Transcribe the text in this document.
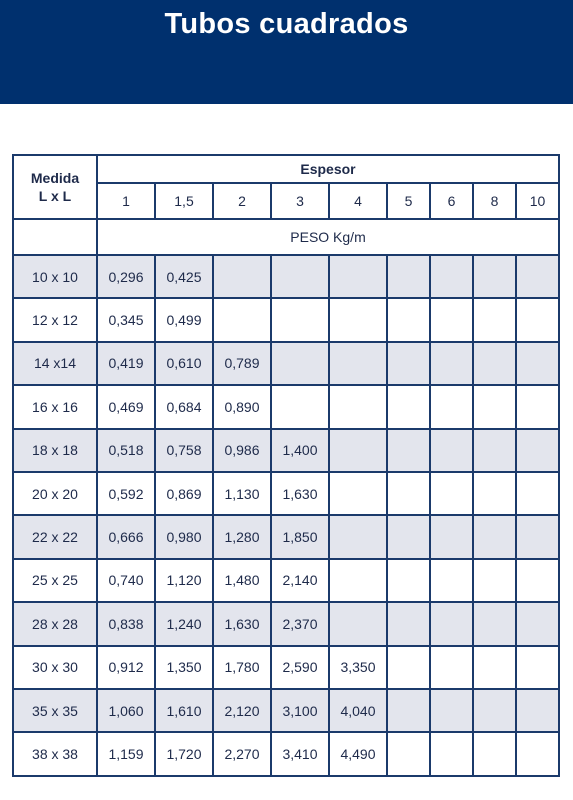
Tubos cuadrados
Medida
L x L	Espesor								
	1	1,5	2	3	4	5	6	8	10
	PESO Kg/m								
10 x 10	0,296	0,425							
12 x 12	0,345	0,499							
14 x14	0,419	0,610	0,789						
16 x 16	0,469	0,684	0,890						
18 x 18	0,518	0,758	0,986	1,400					
20 x 20	0,592	0,869	1,130	1,630					
22 x 22	0,666	0,980	1,280	1,850					
25 x 25	0,740	1,120	1,480	2,140					
28 x 28	0,838	1,240	1,630	2,370					
30 x 30	0,912	1,350	1,780	2,590	3,350				
35 x 35	1,060	1,610	2,120	3,100	4,040				
38 x 38	1,159	1,720	2,270	3,410	4,490				
